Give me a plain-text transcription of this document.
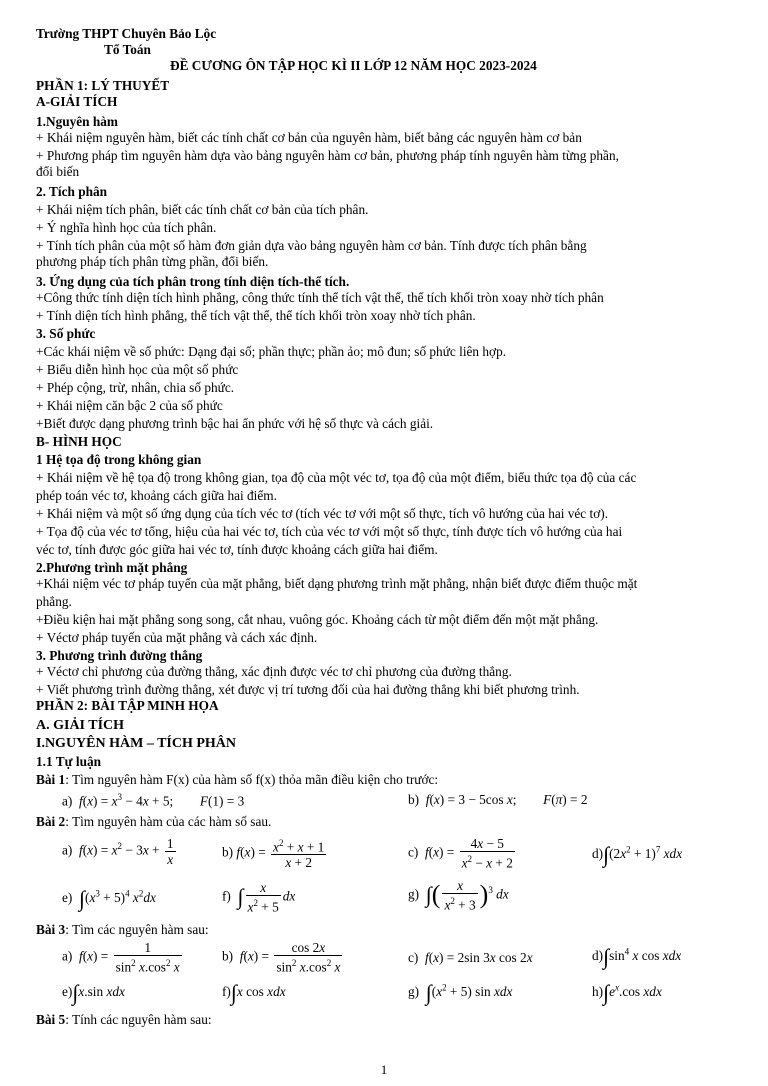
Trường THPT Chuyên Bảo Lộc
Tổ Toán
ĐỀ CƯƠNG ÔN TẬP HỌC KÌ II LỚP 12 NĂM HỌC 2023-2024
PHẦN 1: LÝ THUYẾT
A-GIẢI TÍCH
1.Nguyên hàm
+ Khái niệm nguyên hàm, biết các tính chất cơ bản của nguyên hàm, biết bảng các nguyên hàm cơ bản
+ Phương pháp tìm nguyên hàm dựa vào bảng nguyên hàm cơ bản, phương pháp tính nguyên hàm từng phần,
đổi biến
2. Tích phân
+ Khái niệm tích phân, biết các tính chất cơ bản của tích phân.
+ Ý nghĩa hình học của tích phân.
+ Tính tích phân của một số hàm đơn giản dựa vào bảng nguyên hàm cơ bản. Tính được tích phân bằng
phương pháp tích phân từng phần, đổi biến.
3. Ứng dụng của tích phân trong tính diện tích-thể tích.
+Công thức tính diện tích hình phẳng, công thức tính thể tích vật thể, thể tích khối tròn xoay nhờ tích phân
+ Tính diện tích hình phẳng, thể tích vật thể, thể tích khối tròn xoay nhờ tích phân.
3. Số phức
+Các khái niệm về số phức: Dạng đại số; phần thực; phần ảo; mô đun; số phức liên hợp.
+ Biểu diễn hình học của một số phức
+ Phép cộng, trừ, nhân, chia số phức.
+ Khái niệm căn bậc 2 của số phức
+Biết được dạng phương trình bậc hai ẩn phức với hệ số thực và cách giải.
B- HÌNH HỌC
1 Hệ tọa độ trong không gian
+ Khái niệm về hệ tọa độ trong không gian, tọa độ của một véc tơ, tọa độ của một điểm, biểu thức tọa độ của các
phép toán véc tơ, khoảng cách giữa hai điểm.
+ Khái niệm và một số ứng dụng của tích véc tơ (tích véc tơ với một số thực, tích vô hướng của hai véc tơ).
+ Tọa độ của véc tơ tổng, hiệu của hai véc tơ, tích của véc tơ với một số thực, tính được tích vô hướng của hai
véc tơ, tính được góc giữa hai véc tơ, tính được khoảng cách giữa hai điểm.
2.Phương trình mặt phẳng
+Khái niệm véc tơ pháp tuyến của mặt phẳng, biết dạng phương trình mặt phẳng, nhận biết được điểm thuộc mặt
phẳng.
+Điều kiện hai mặt phẳng song song, cắt nhau, vuông góc. Khoảng cách từ một điểm đến một mặt phẳng.
+ Véctơ pháp tuyến của mặt phẳng và cách xác định.
3. Phương trình đường thẳng
+ Véctơ chỉ phương của đường thẳng, xác định được véc tơ chỉ phương của đường thẳng.
+ Viết phương trình đường thẳng, xét được vị trí tương đối của hai đường thẳng khi biết phương trình.
PHẦN 2: BÀI TẬP MINH HỌA
A. GIẢI TÍCH
I.NGUYÊN HÀM – TÍCH PHÂN
1.1 Tự luận
Bài 1: Tìm nguyên hàm F(x) của hàm số f(x) thỏa mãn điều kiện cho trước:
a)  $f(x) = x^3 - 4x + 5$;        F(1) = 3	b)  f(x) = 3 − 5cos x;        F(π) = 2
Bài 2: Tìm nguyên hàm của các hàm số sau.
a)  $f(x) = x^2 - 3x + \frac{1}{x}$	b) $f(x) = \frac{x^2 + x + 1}{x + 2}$	c)  $f(x) = \frac{4x - 5}{x^2 - x + 2}$	$d)\int(2x^2 + 1)^7$ xdx
e)  $\int(x^3 + 5)^4$ $x^2dx$	f)  ∫ $\frac{x}{x^2 + 5}$ dx	g)  ∫( $\frac{x}{x^2 + 3} )^3$ dx
Bài 3: Tìm các nguyên hàm sau:
a)  $f(x) = \frac{1}{\sin^2 x.\cos^2 x}$	b)  $f(x) = \frac{\cos 2x}{\sin^2 x.\cos^2 x}$	c)  f(x) = 2sin 3x cos 2x	$d)\int\sin^4$ x cos xdx
e)∫x.sin xdx	f)∫x cos xdx	g)  $\int(x^2 + 5)$ sin xdx	$h)\int e^x.\cos$ xdx
Bài 5: Tính các nguyên hàm sau:
1
